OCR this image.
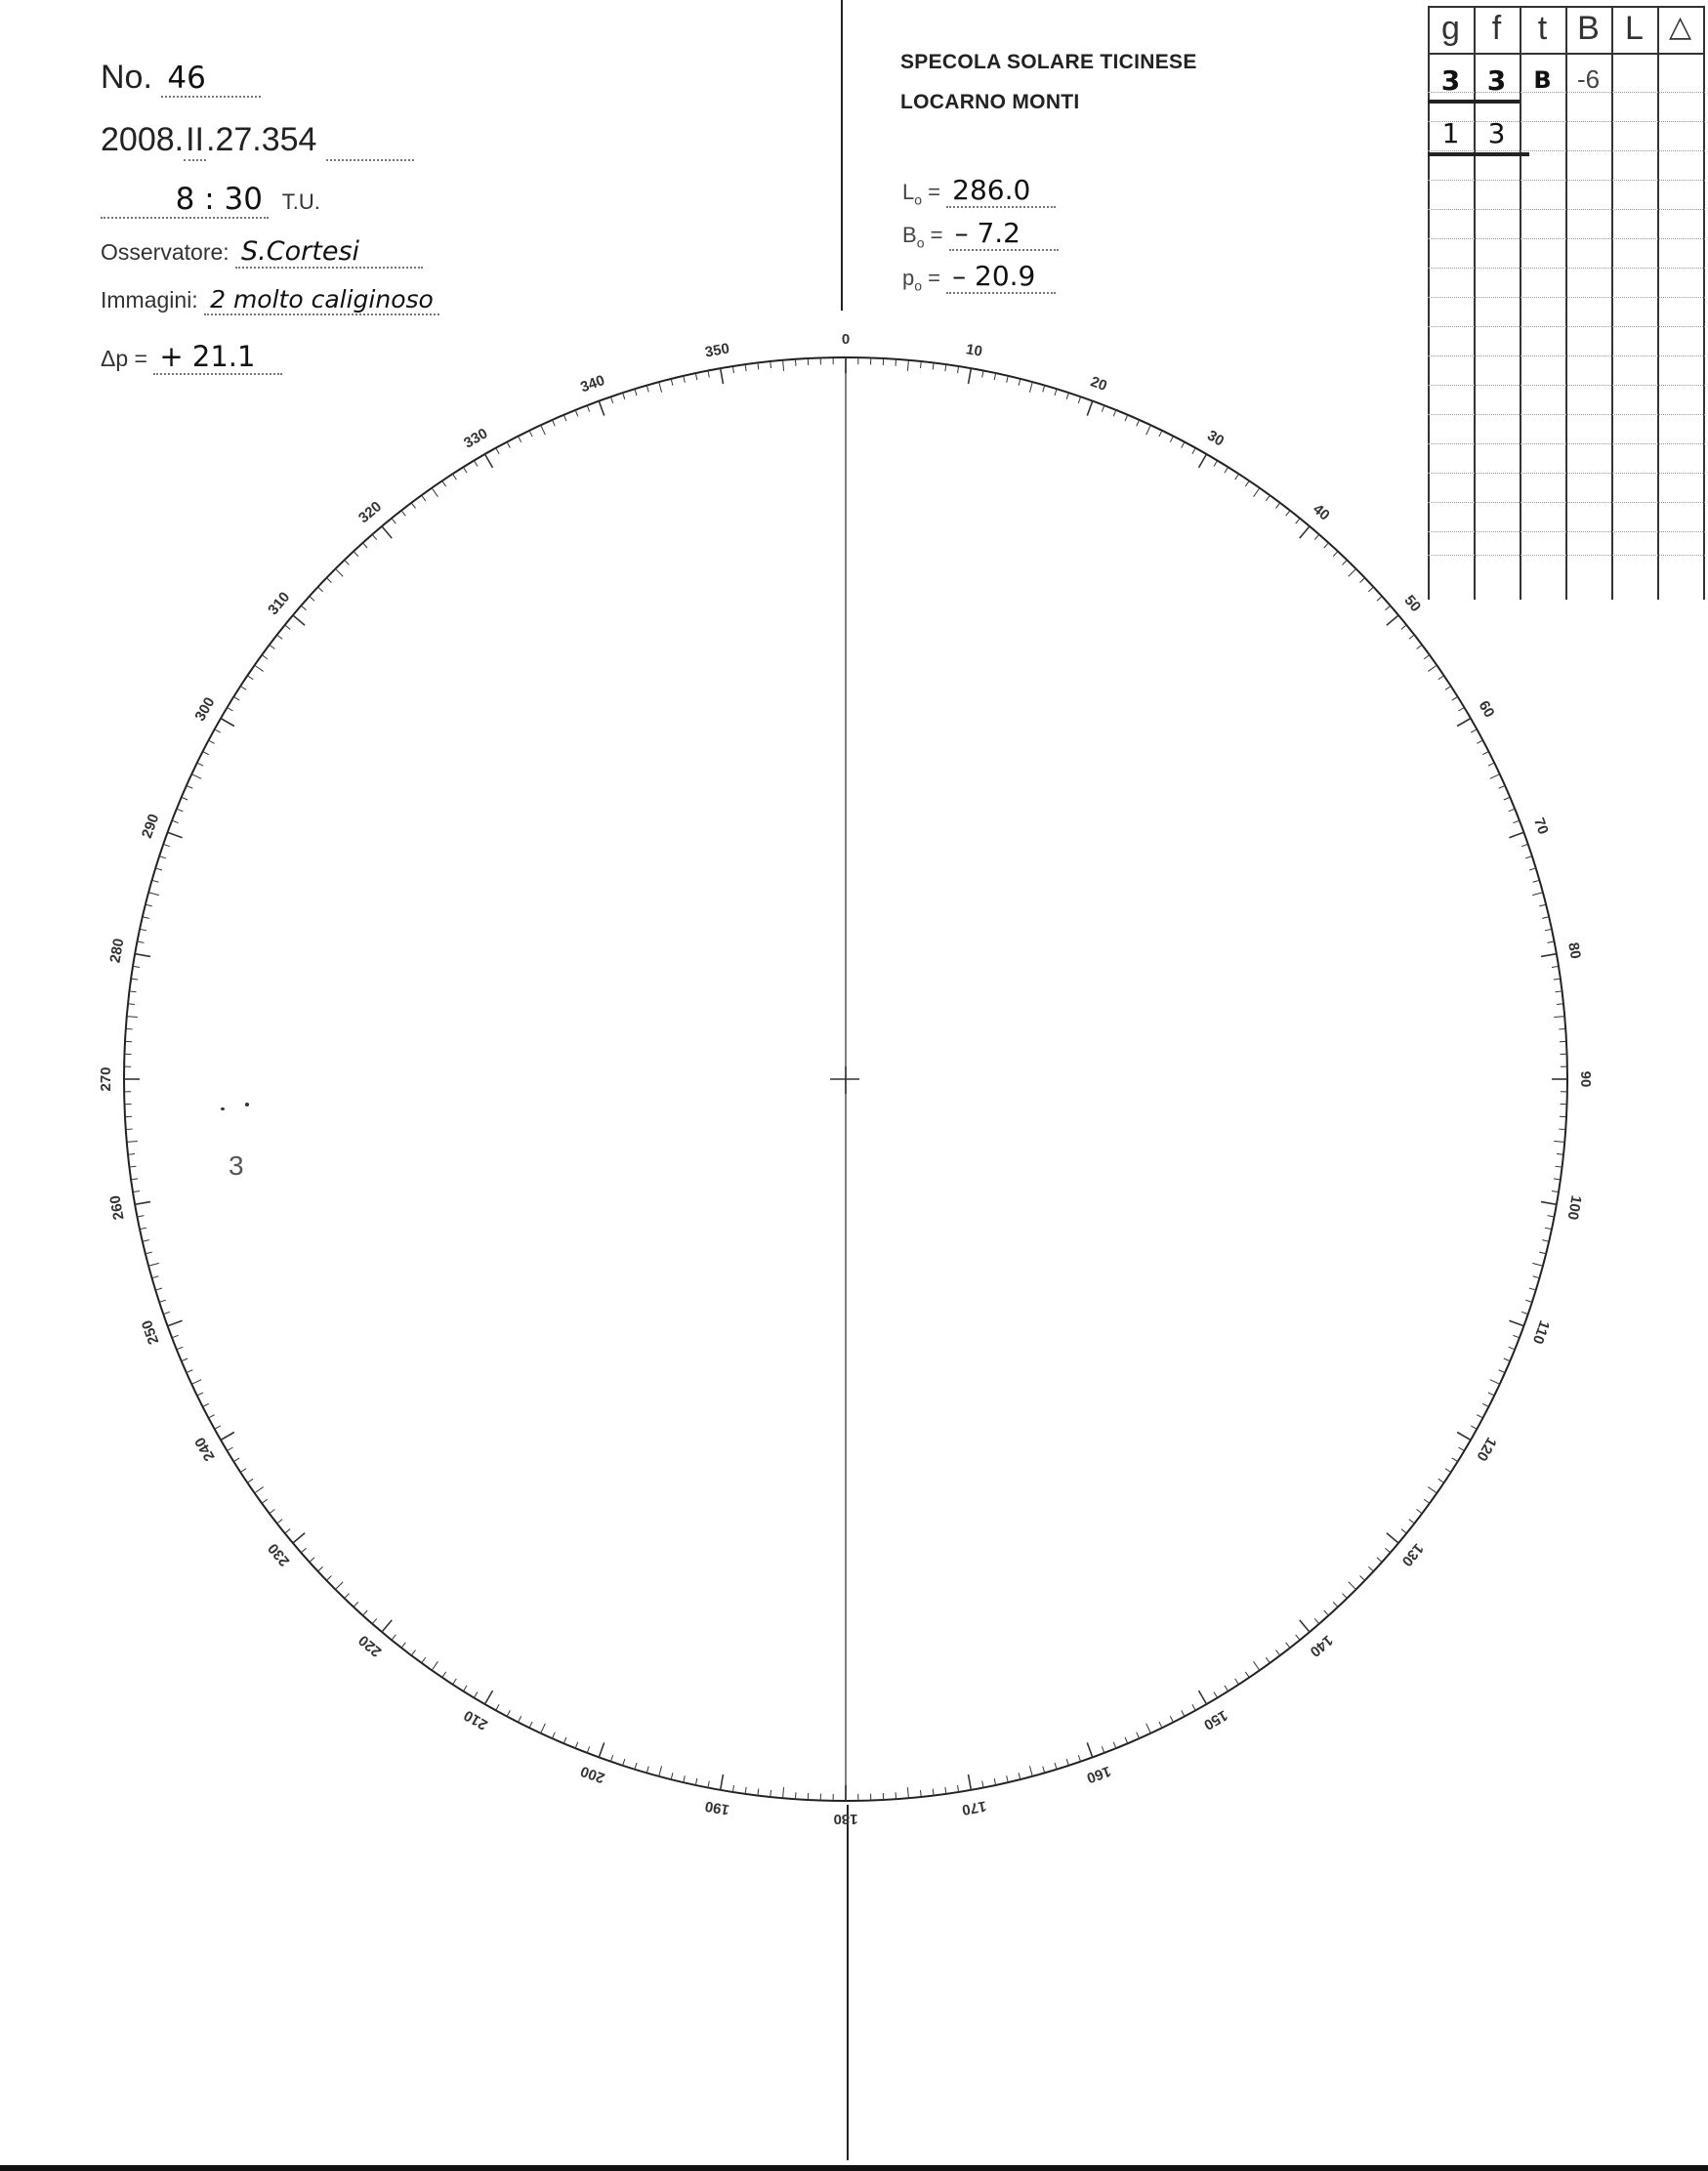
No. 46
2008.II.27.354
8 : 30 T.U.
Osservatore: S.Cortesi
Immagini: 2 molto caliginoso
Δp = + 21.1
SPECOLA SOLARE TICINESE
LOCARNO MONTI
$L_o = 286.0$
$B_o$ = – 7.2
$p_o$ = – 20.9
g f	t B L △
3 3	B	-6
1	3
0
10
20
30
40
50
60
70
80
90
100
110
120
130
140
150
160
170
180
190
200
210
220
230
240
250
260
270
280
290
300
310
320
330
340
350
3
